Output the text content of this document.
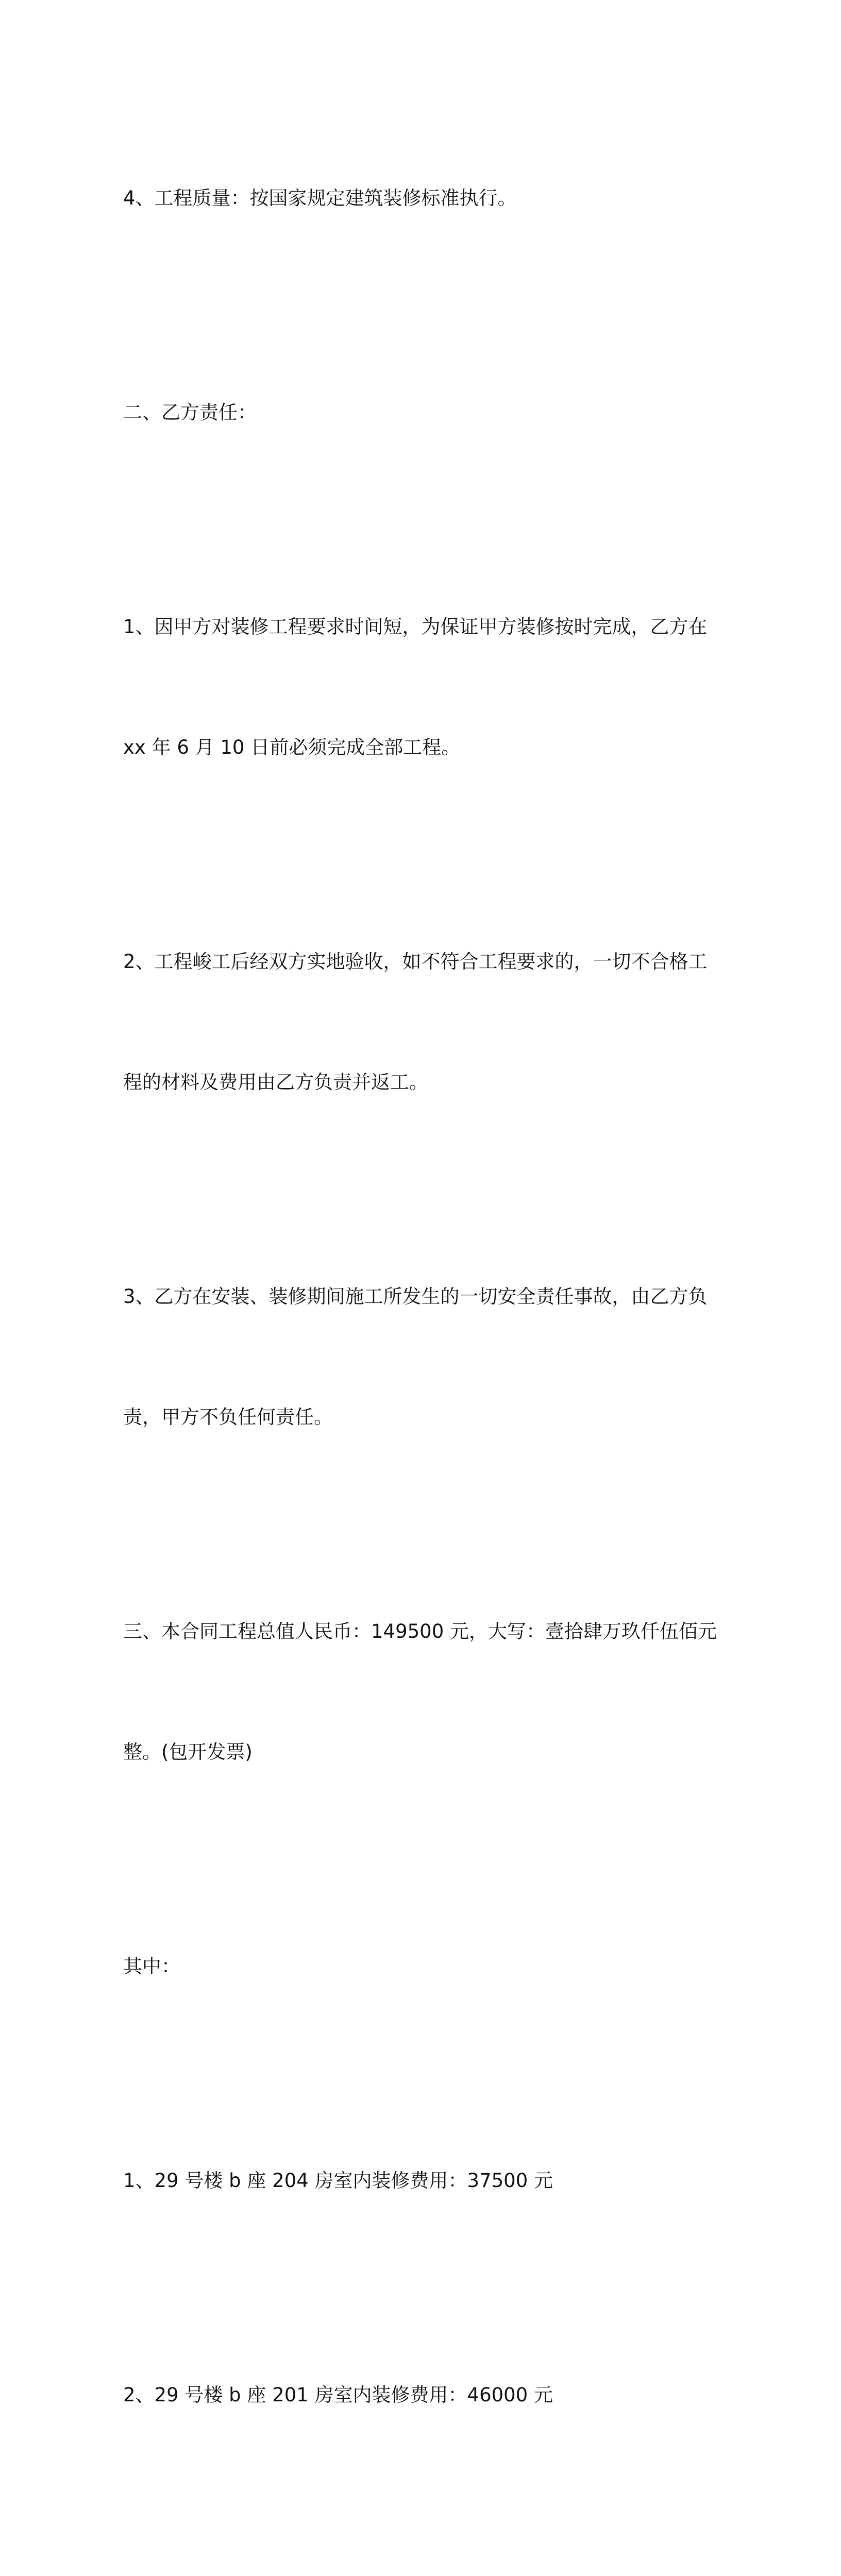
4、工程质量：按国家规定建筑装修标准执行。

二、乙方责任：

1、因甲方对装修工程要求时间短，为保证甲方装修按时完成，乙方在

xx 年 6 月 10 日前必须完成全部工程。

2、工程峻工后经双方实地验收，如不符合工程要求的，一切不合格工

程的材料及费用由乙方负责并返工。

3、乙方在安装、装修期间施工所发生的一切安全责任事故，由乙方负

责，甲方不负任何责任。

三、本合同工程总值人民币：149500 元，大写：壹拾肆万玖仟伍佰元

整。(包开发票)

其中：

1、29 号楼 b 座 204 房室内装修费用：37500 元

2、29 号楼 b 座 201 房室内装修费用：46000 元
